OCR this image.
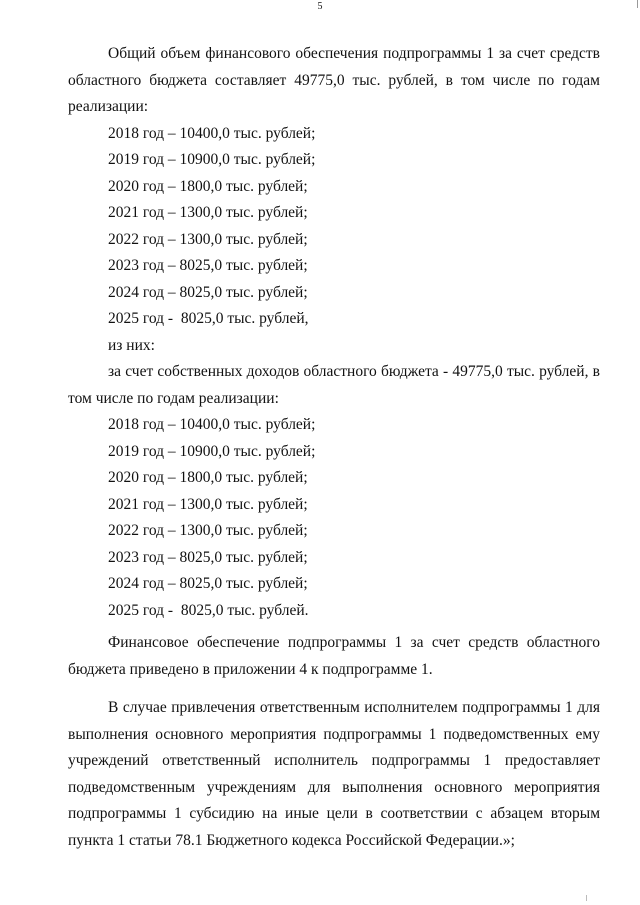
5

Общий объем финансового обеспечения подпрограммы 1 за счет средств областного бюджета составляет 49775,0 тыс. рублей, в том числе по годам реализации:

2018 год – 10400,0 тыс. рублей;
2019 год – 10900,0 тыс. рублей;
2020 год – 1800,0 тыс. рублей;
2021 год – 1300,0 тыс. рублей;
2022 год – 1300,0 тыс. рублей;
2023 год – 8025,0 тыс. рублей;
2024 год – 8025,0 тыс. рублей;
2025 год -  8025,0 тыс. рублей,
из них:

за счет собственных доходов областного бюджета - 49775,0 тыс. рублей, в том числе по годам реализации:

2018 год – 10400,0 тыс. рублей;
2019 год – 10900,0 тыс. рублей;
2020 год – 1800,0 тыс. рублей;
2021 год – 1300,0 тыс. рублей;
2022 год – 1300,0 тыс. рублей;
2023 год – 8025,0 тыс. рублей;
2024 год – 8025,0 тыс. рублей;
2025 год -  8025,0 тыс. рублей.

Финансовое обеспечение подпрограммы 1 за счет средств областного бюджета приведено в приложении 4 к подпрограмме 1.

В случае привлечения ответственным исполнителем подпрограммы 1 для выполнения основного мероприятия подпрограммы 1 подведомственных ему учреждений ответственный исполнитель подпрограммы 1 предоставляет подведомственным учреждениям для выполнения основного мероприятия подпрограммы 1 субсидию на иные цели в соответствии с абзацем вторым пункта 1 статьи 78.1 Бюджетного кодекса Российской Федерации.»;
